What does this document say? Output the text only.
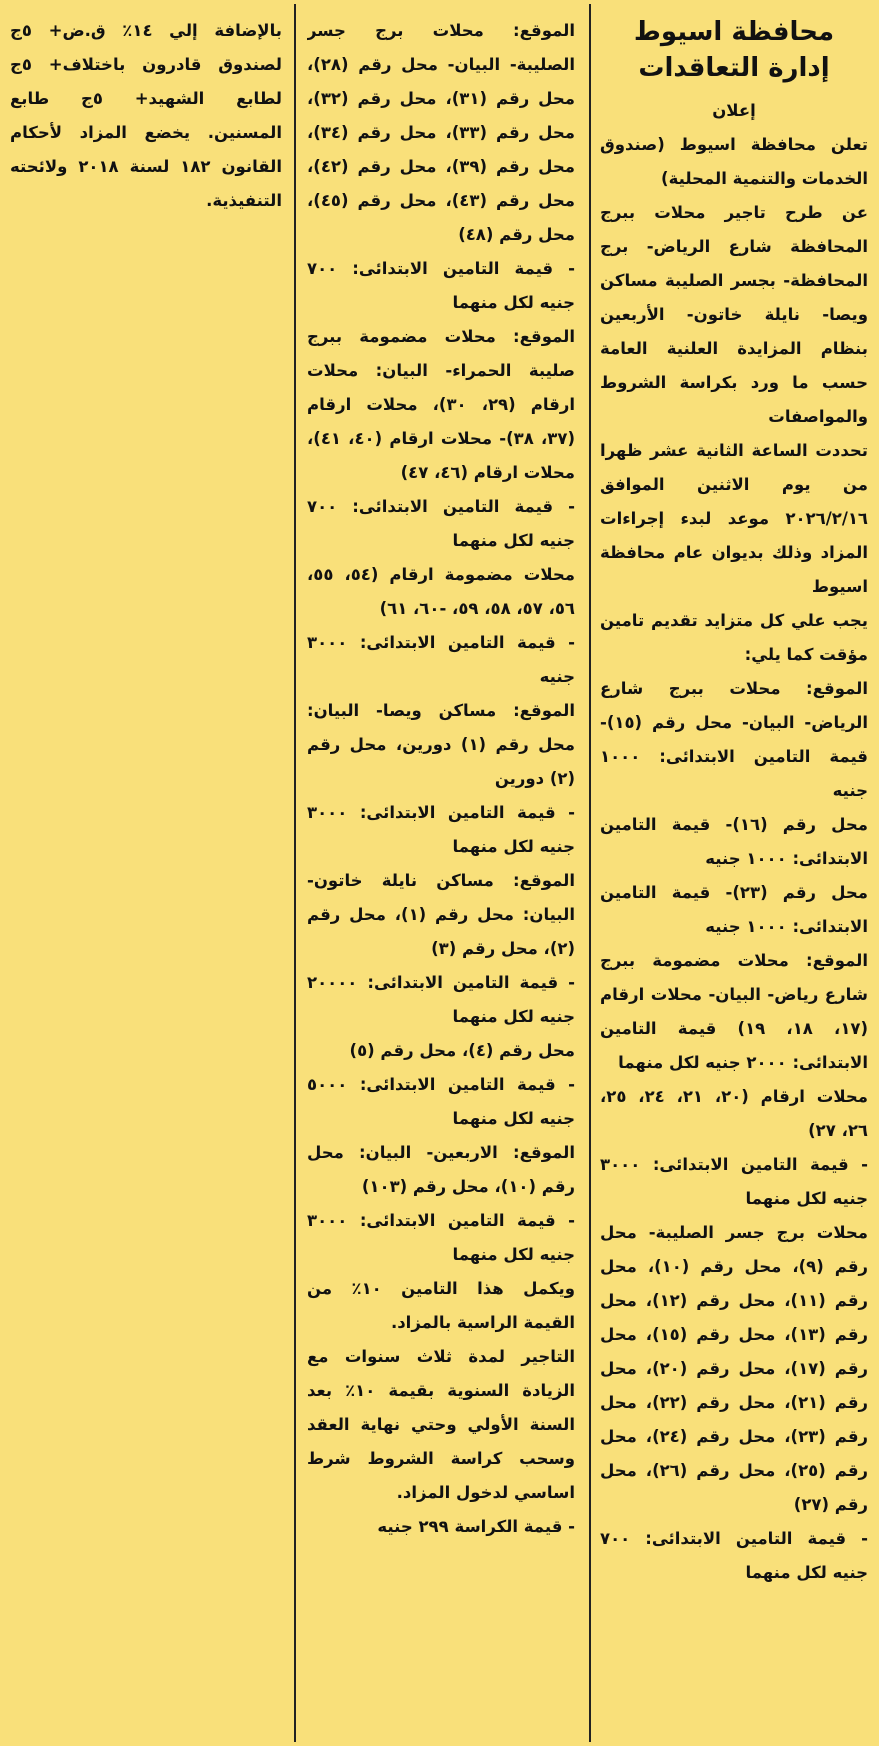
محافظة اسيوط

إدارة التعاقدات

إعلان

تعلن محافظة اسيوط (صندوق الخدمات والتنمية المحلية)

عن طرح تاجير محلات ببرج المحافظة شارع الرياض- برج المحافظة- بجسر الصليبة مساكن ويصا- نايلة خاتون- الأربعين بنظام المزايدة العلنية العامة حسب ما ورد بكراسة الشروط والمواصفات

تحددت الساعة الثانية عشر ظهرا من يوم الاثنين الموافق ٢٠٢٦/٢/١٦ موعد لبدء إجراءات المزاد وذلك بديوان عام محافظة اسيوط

يجب علي كل متزايد تقديم تامين مؤقت كما يلي:

الموقع: محلات ببرج شارع الرياض- البيان- محل رقم (١٥)- قيمة التامين الابتدائى: ١٠٠٠ جنيه

محل رقم (١٦)- قيمة التامين الابتدائى: ١٠٠٠ جنيه

محل رقم (٢٣)- قيمة التامين الابتدائى: ١٠٠٠ جنيه

الموقع: محلات مضمومة ببرج شارع رياض- البيان- محلات ارقام (١٧، ١٨، ١٩) قيمة التامين الابتدائى: ٢٠٠٠ جنيه لكل منهما

محلات ارقام (٢٠، ٢١، ٢٤، ٢٥، ٢٦، ٢٧)

- قيمة التامين الابتدائى: ٣٠٠٠ جنيه لكل منهما

محلات برج جسر الصليبة- محل رقم (٩)، محل رقم (١٠)، محل رقم (١١)، محل رقم (١٢)، محل رقم (١٣)، محل رقم (١٥)، محل رقم (١٧)، محل رقم (٢٠)، محل رقم (٢١)، محل رقم (٢٢)، محل رقم (٢٣)، محل رقم (٢٤)، محل رقم (٢٥)، محل رقم (٢٦)، محل رقم (٢٧)

- قيمة التامين الابتدائى: ٧٠٠ جنيه لكل منهما

الموقع: محلات برج جسر الصليبة- البيان- محل رقم (٢٨)، محل رقم (٣١)، محل رقم (٣٢)، محل رقم (٣٣)، محل رقم (٣٤)، محل رقم (٣٩)، محل رقم (٤٢)، محل رقم (٤٣)، محل رقم (٤٥)، محل رقم (٤٨)

- قيمة التامين الابتدائى: ٧٠٠ جنيه لكل منهما

الموقع: محلات مضمومة ببرج صليبة الحمراء- البيان: محلات ارقام (٢٩، ٣٠)، محلات ارقام (٣٧، ٣٨)- محلات ارقام (٤٠، ٤١)، محلات ارقام (٤٦، ٤٧)

- قيمة التامين الابتدائى: ٧٠٠ جنيه لكل منهما

محلات مضمومة ارقام (٥٤، ٥٥، ٥٦، ٥٧، ٥٨، ٥٩، -٦٠، ٦١)

- قيمة التامين الابتدائى: ٣٠٠٠ جنيه

الموقع: مساكن ويصا- البيان: محل رقم (١) دورين، محل رقم (٢) دورين

- قيمة التامين الابتدائى: ٣٠٠٠ جنيه لكل منهما

الموقع: مساكن نايلة خاتون- البيان: محل رقم (١)، محل رقم (٢)، محل رقم (٣)

- قيمة التامين الابتدائى: ٢٠٠٠٠ جنيه لكل منهما

محل رقم (٤)، محل رقم (٥)

- قيمة التامين الابتدائى: ٥٠٠٠ جنيه لكل منهما

الموقع: الاربعين- البيان: محل رقم (١٠)، محل رقم (١٠٣)

- قيمة التامين الابتدائى: ٣٠٠٠ جنيه لكل منهما

ويكمل هذا التامين ١٠٪ من القيمة الراسية بالمزاد.

التاجير لمدة ثلاث سنوات مع الزيادة السنوية بقيمة ١٠٪ بعد السنة الأولي وحتي نهاية العقد وسحب كراسة الشروط شرط اساسي لدخول المزاد.

- قيمة الكراسة ٢٩٩ جنيه

بالإضافة إلي ١٤٪ ق.ض+ ٥ج لصندوق قادرون باختلاف+ ٥ج لطابع الشهيد+ ٥ج طابع المسنين. يخضع المزاد لأحكام القانون ١٨٢ لسنة ٢٠١٨ ولائحته التنفيذية.
